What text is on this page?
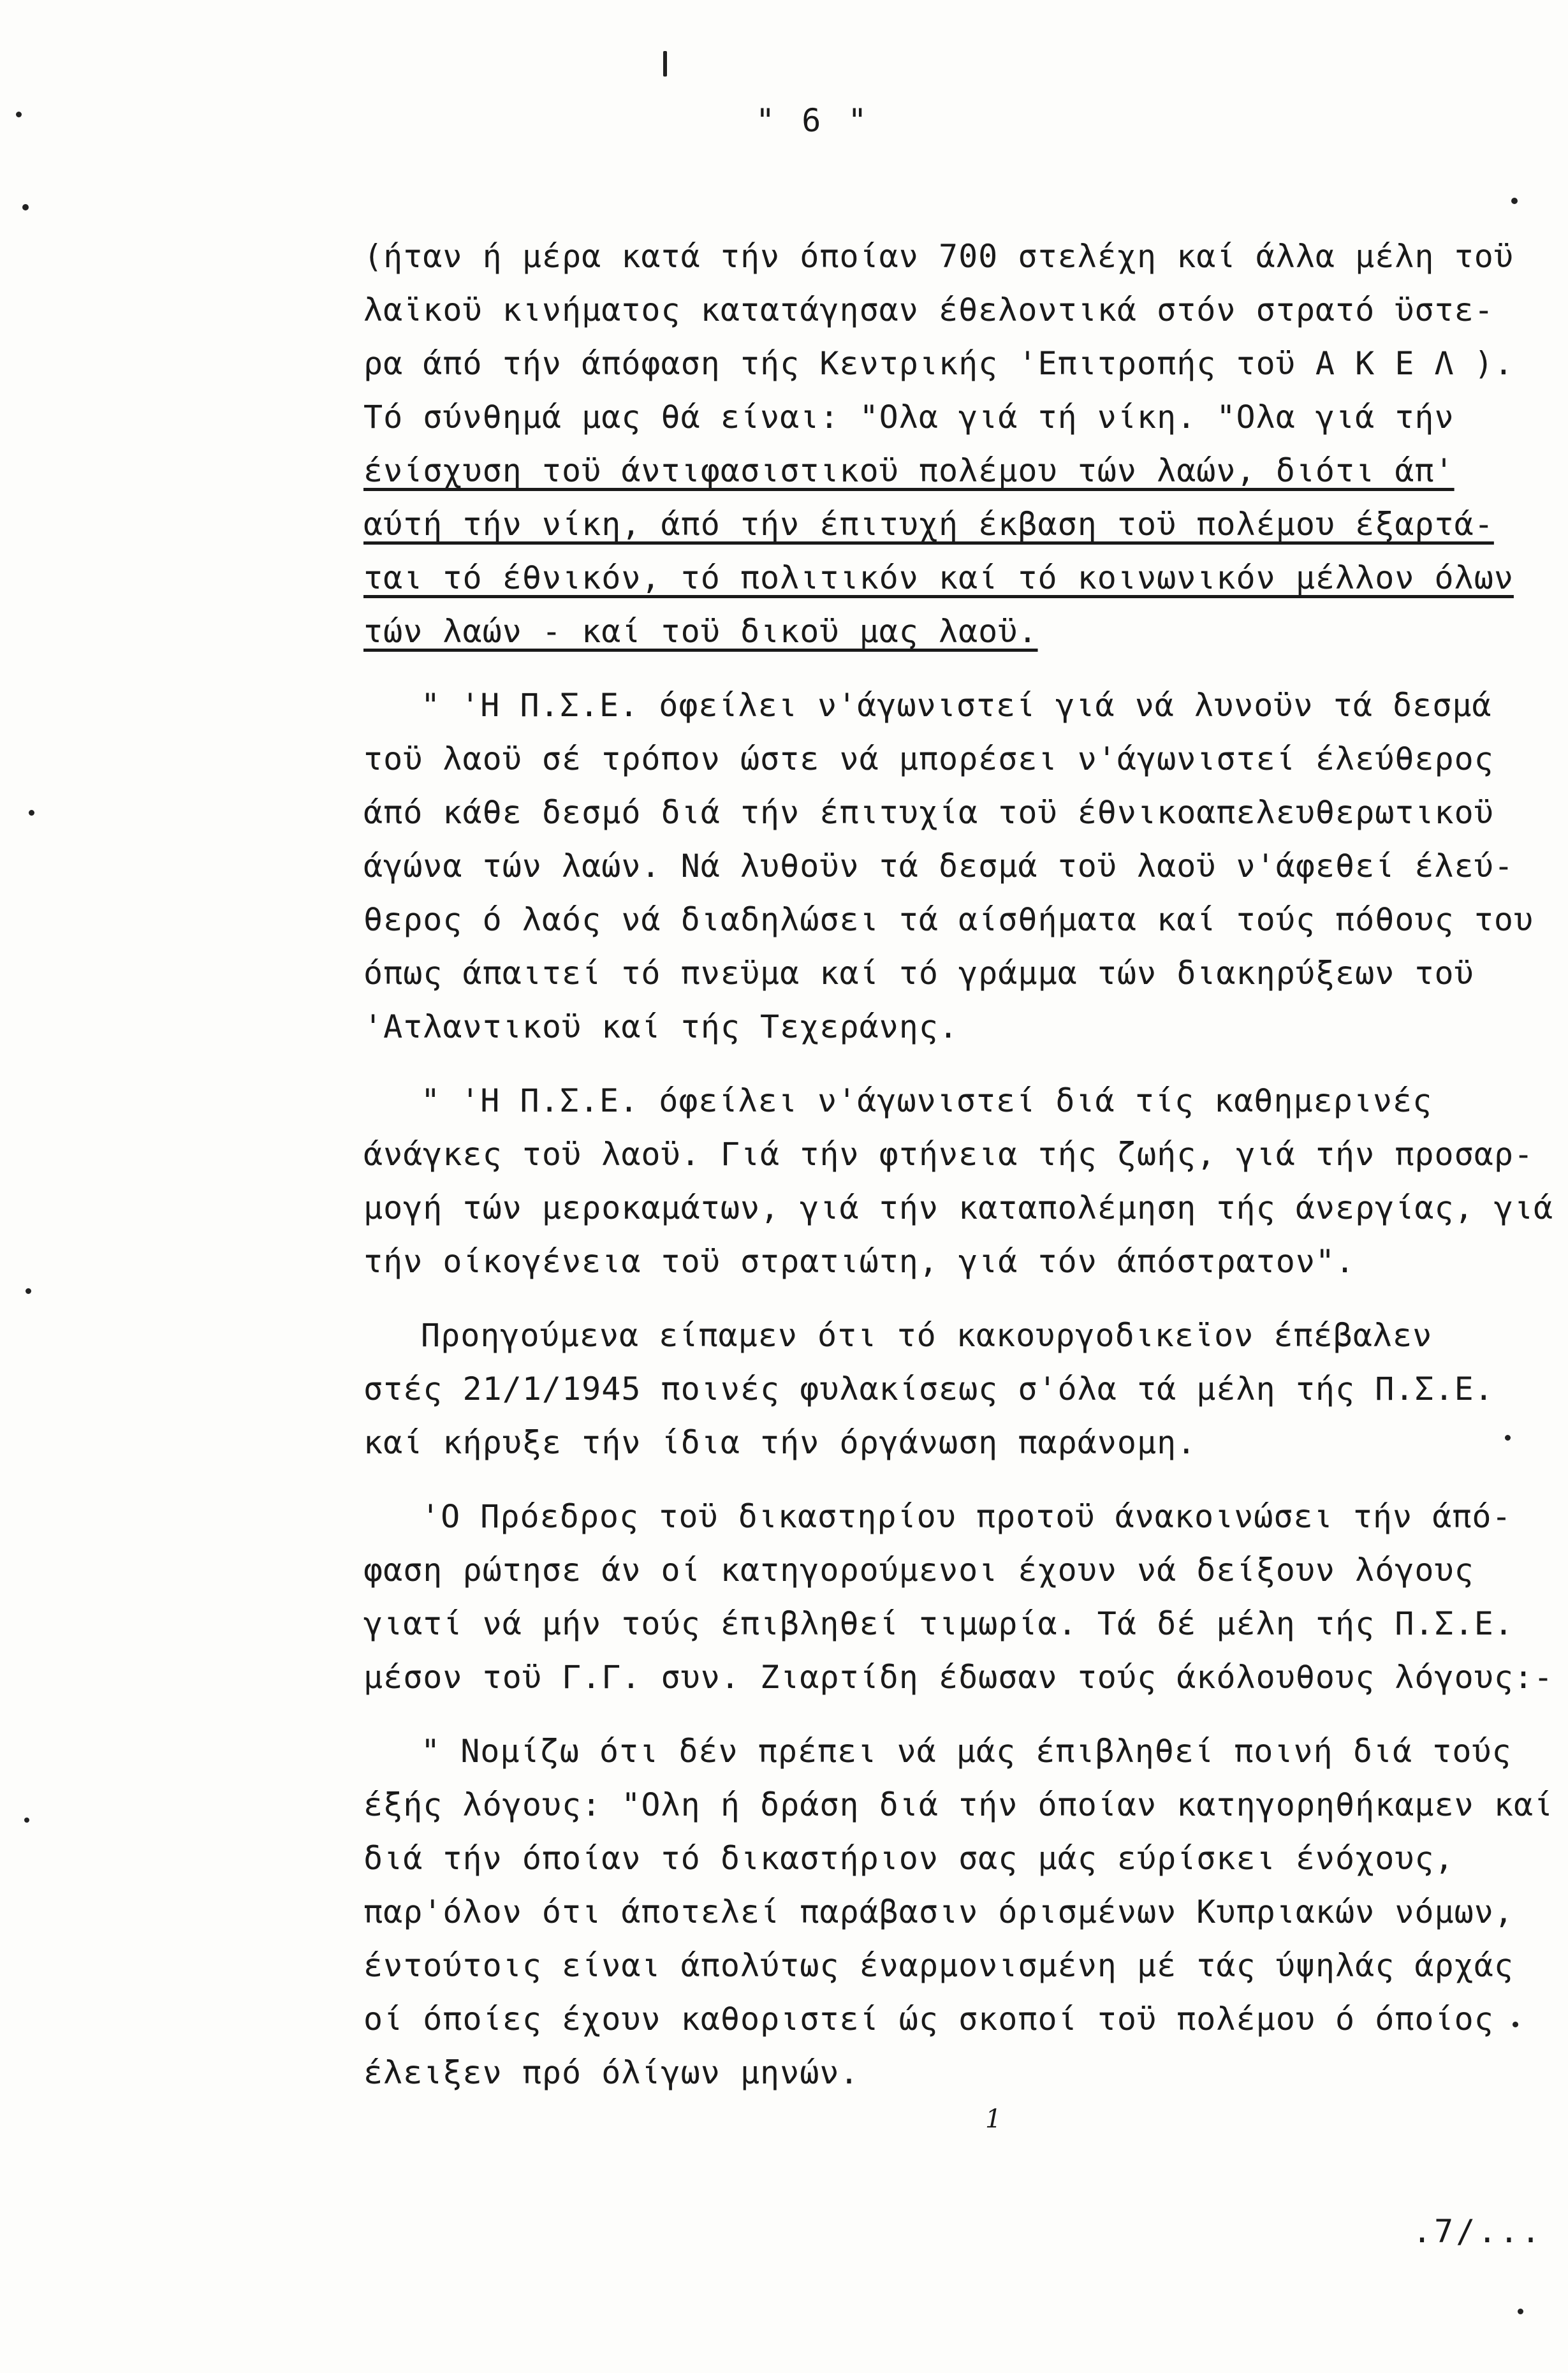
" 6 "
(ήταν ή μέρα κατά τήν όποίαν 700 στελέχη καί άλλα μέλη τοϋ
λαϊκοϋ κινήματος κατατάγησαν έθελοντικά στόν στρατό ϋστε-
ρα άπό τήν άπόφαση τής Κεντρικής 'Επιτροπής τοϋ Α Κ Ε Λ ).
Τό σύνθημά μας θά είναι: "Ολα γιά τή νίκη. "Ολα γιά τήν
ένίσχυση τοϋ άντιφασιστικοϋ πολέμου τών λαών, διότι άπ'
αύτή τήν νίκη, άπό τήν έπιτυχή έκβαση τοϋ πολέμου έξαρτά-
ται τό έθνικόν, τό πολιτικόν καί τό κοινωνικόν μέλλον όλων
τών λαών - καί τοϋ δικοϋ μας λαοϋ.
" 'Η Π.Σ.Ε. όφείλει ν'άγωνιστεί γιά νά λυνοϋν τά δεσμά
τοϋ λαοϋ σέ τρόπον ώστε νά μπορέσει ν'άγωνιστεί έλεύθερος
άπό κάθε δεσμό διά τήν έπιτυχία τοϋ έθνικοαπελευθερωτικοϋ
άγώνα τών λαών. Νά λυθοϋν τά δεσμά τοϋ λαοϋ ν'άφεθεί έλεύ-
θερος ό λαός νά διαδηλώσει τά αίσθήματα καί τούς πόθους του
όπως άπαιτεί τό πνεϋμα καί τό γράμμα τών διακηρύξεων τοϋ
'Ατλαντικοϋ καί τής Τεχεράνης.
" 'Η Π.Σ.Ε. όφείλει ν'άγωνιστεί διά τίς καθημερινές
άνάγκες τοϋ λαοϋ. Γιά τήν φτήνεια τής ζωής, γιά τήν προσαρ-
μογή τών μεροκαμάτων, γιά τήν καταπολέμηση τής άνεργίας, γιά
τήν οίκογένεια τοϋ στρατιώτη, γιά τόν άπόστρατον".
Προηγούμενα είπαμεν ότι τό κακουργοδικεϊον έπέβαλεν
στές 21/1/1945 ποινές φυλακίσεως σ'όλα τά μέλη τής Π.Σ.Ε.
καί κήρυξε τήν ίδια τήν όργάνωση παράνομη.
'Ο Πρόεδρος τοϋ δικαστηρίου προτοϋ άνακοινώσει τήν άπό-
φαση ρώτησε άν οί κατηγορούμενοι έχουν νά δείξουν λόγους
γιατί νά μήν τούς έπιβληθεί τιμωρία. Τά δέ μέλη τής Π.Σ.Ε.
μέσον τοϋ Γ.Γ. συν. Ζιαρτίδη έδωσαν τούς άκόλουθους λόγους:-
" Νομίζω ότι δέν πρέπει νά μάς έπιβληθεί ποινή διά τούς
έξής λόγους: "Ολη ή δράση διά τήν όποίαν κατηγορηθήκαμεν καί
διά τήν όποίαν τό δικαστήριον σας μάς εύρίσκει ένόχους,
παρ'όλον ότι άποτελεί παράβασιν όρισμένων Κυπριακών νόμων,
έντούτοις είναι άπολύτως έναρμονισμένη μέ τάς ύψηλάς άρχάς
οί όποίες έχουν καθοριστεί ώς σκοποί τοϋ πολέμου ό όποίος
έλειξεν πρό όλίγων μηνών.
1
.7/...
